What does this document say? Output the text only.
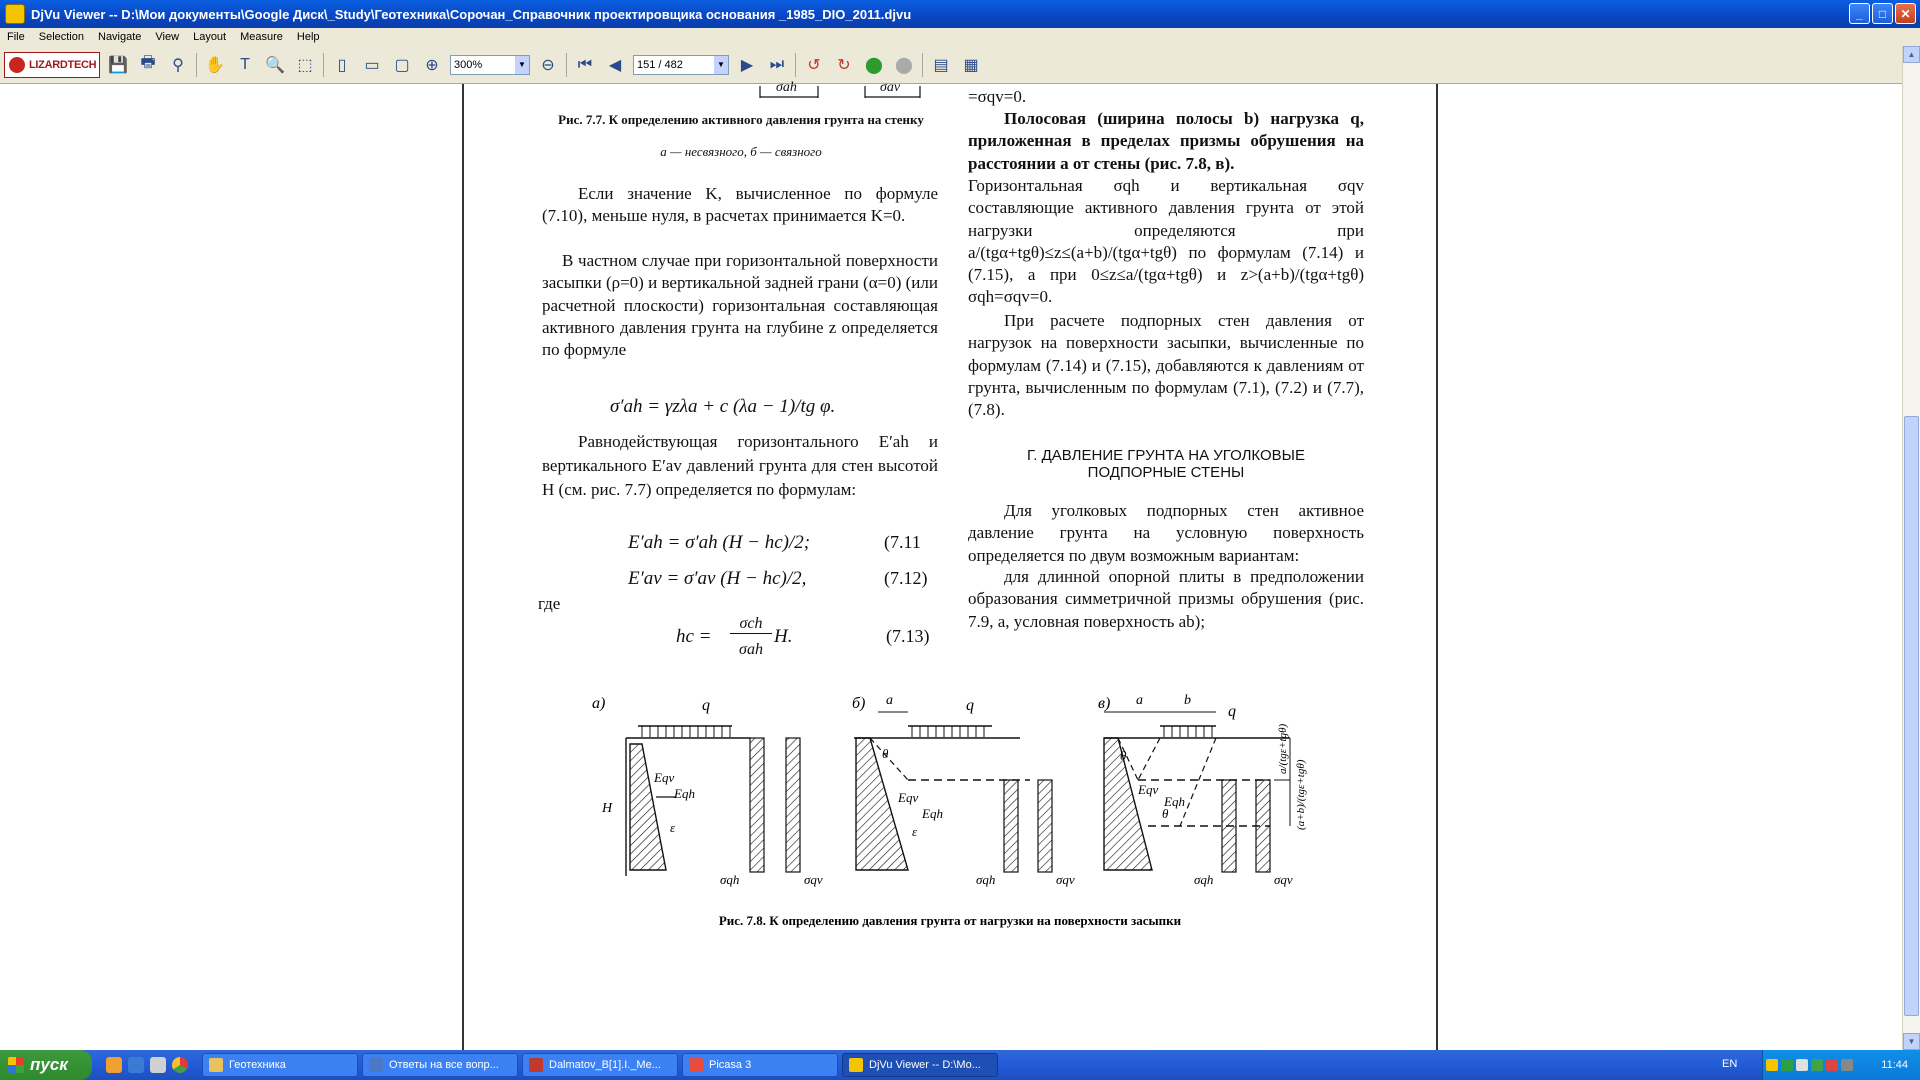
DjVu Viewer -- D:\Мои документы\Google Диск\_Study\Геотехника\Сорочан_Справочник проектировщика основания _1985_DIO_2011.djvu	_	□	✕
File	Selection	Navigate	View	Layout	Measure	Help
LIZARDTECH 💾 🖶	⚲	✋ T 🔍 ⬚	▯	▭ ▢ ⊕	300%	▼ ⊖	⏮	◀	151 / 482	▼ ▶	⏭	↺	↻ ⬤ ⬤ ▤ ▦
σah	σav	=σqv=0.
Рис. 7.7. К определению активного давления грунта на стенку
а — несвязного, б — связного
Если значение K, вычисленное по формуле (7.10), меньше нуля, в расчетах принимается K=0.
В частном случае при горизонтальной поверхности засыпки (ρ=0) и вертикальной задней грани (α=0) (или расчетной плоскости) горизонтальная составляющая активного давления грунта на глубине z определяется по формуле
σ′ah = γzλa + c (λa − 1)/tg φ.
Равнодействующая горизонтального E′ah и вертикального E′av давлений грунта для стен высотой H (см. рис. 7.7) определяется по формулам:
E′ah = σ′ah (H − hc)/2;	(7.11
E′av = σ′av (H − hc)/2,	(7.12)
где
hc =
σch
σah
H.	(7.13)
Полосовая (ширина полосы b) нагрузка q, приложенная в пределах призмы обрушения на расстоянии a от стены (рис. 7.8, в).
Горизонтальная σqh и вертикальная σqv составляющие активного давления грунта от этой нагрузки определяются при a/(tgα+tgθ)≤z≤(a+b)/(tgα+tgθ) по формулам (7.14) и (7.15), а при 0≤z≤a/(tgα+tgθ) и z>(a+b)/(tgα+tgθ) σqh=σqv=0.
При расчете подпорных стен давления от нагрузок на поверхности засыпки, вычисленные по формулам (7.14) и (7.15), добавляются к давлениям от грунта, вычисленным по формулам (7.1), (7.2) и (7.7), (7.8).
Г. ДАВЛЕНИЕ ГРУНТА НА УГОЛКОВЫЕ
ПОДПОРНЫЕ СТЕНЫ
Для уголковых подпорных стен активное давление грунта на условную поверхность определяется по двум возможным вариантам:
для длинной опорной плиты в предположении образования симметричной призмы обрушения (рис. 7.9, а, условная поверхность ab);
а)	q
H
Eqv
Eqh
ε
σqh	σqv
б) a	q
θ
Eqv
Eqh
ε
σqh	σqv
в) a	b
q
θ
Eqv
Eqh
θ
a/(tgε+tgθ)
(a+b)/(tgε+tgθ)
σqh	σqv
Рис. 7.8. К определению давления грунта от нагрузки на поверхности засыпки
▲
▼
пуск	Геотехника	Ответы на все вопр...	Dalmatov_B[1].I._Me...	Picasa 3	DjVu Viewer -- D:\Mo...	EN	11:44
